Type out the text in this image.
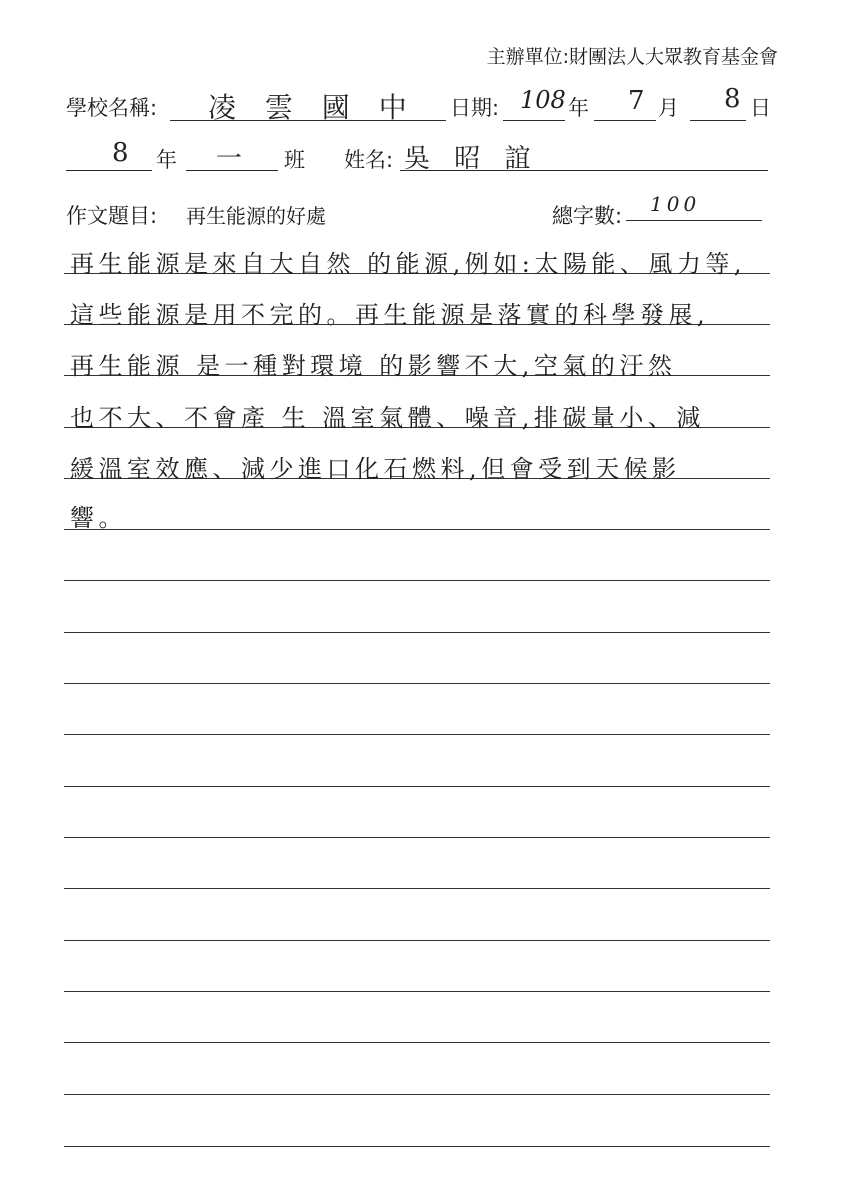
主辦單位:財團法人大眾教育基金會
學校名稱: 凌 雲 國 中 日期: 108 年 7 月 8 日
8 年 一 班 姓名: 吳 昭 誼
作文題目: 再生能源的好處	總字數: 100
再生能源是來自大自然 的能源,例如:太陽能、風力等,
這些能源是用不完的。再生能源是落實的科學發展,
再生能源 是一種對環境 的影響不大,空氣的汙然
也不大、不會產 生 溫室氣體、噪音,排碳量小、減
緩溫室效應、減少進口化石燃料,但會受到天候影
響。
